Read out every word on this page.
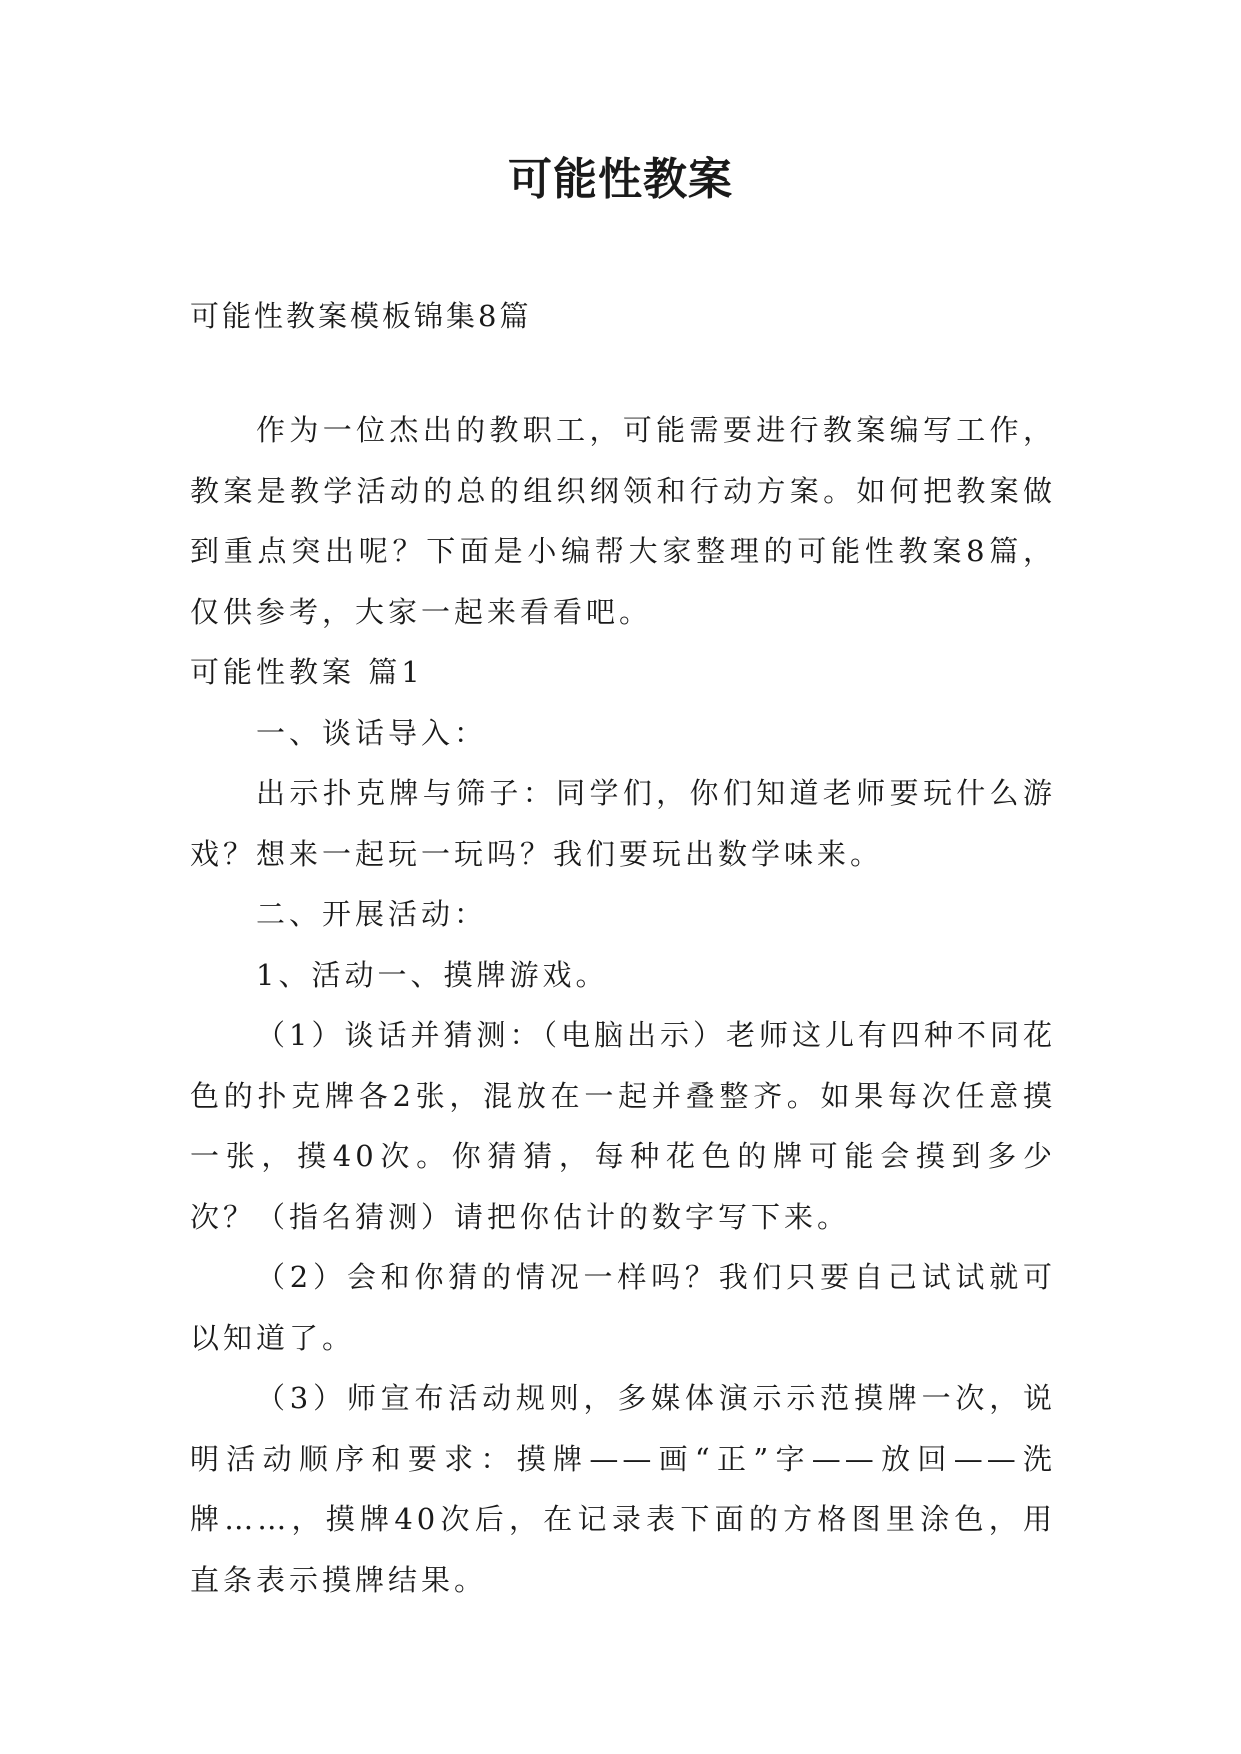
可能性教案

可能性教案模板锦集8篇

作为一位杰出的教职工，可能需要进行教案编写工作，教案是教学活动的总的组织纲领和行动方案。如何把教案做到重点突出呢？下面是小编帮大家整理的可能性教案8篇，仅供参考，大家一起来看看吧。

可能性教案 篇1

一、谈话导入：

出示扑克牌与筛子：同学们，你们知道老师要玩什么游戏？想来一起玩一玩吗？我们要玩出数学味来。

二、开展活动：

1、活动一、摸牌游戏。

（1）谈话并猜测：（电脑出示）老师这儿有四种不同花色的扑克牌各2张，混放在一起并叠整齐。如果每次任意摸一张，摸40次。你猜猜，每种花色的牌可能会摸到多少次？（指名猜测）请把你估计的数字写下来。

（2）会和你猜的情况一样吗？我们只要自己试试就可以知道了。

（3）师宣布活动规则，多媒体演示示范摸牌一次，说明活动顺序和要求：摸牌——画“正”字——放回——洗牌……，摸牌40次后，在记录表下面的方格图里涂色，用直条表示摸牌结果。
